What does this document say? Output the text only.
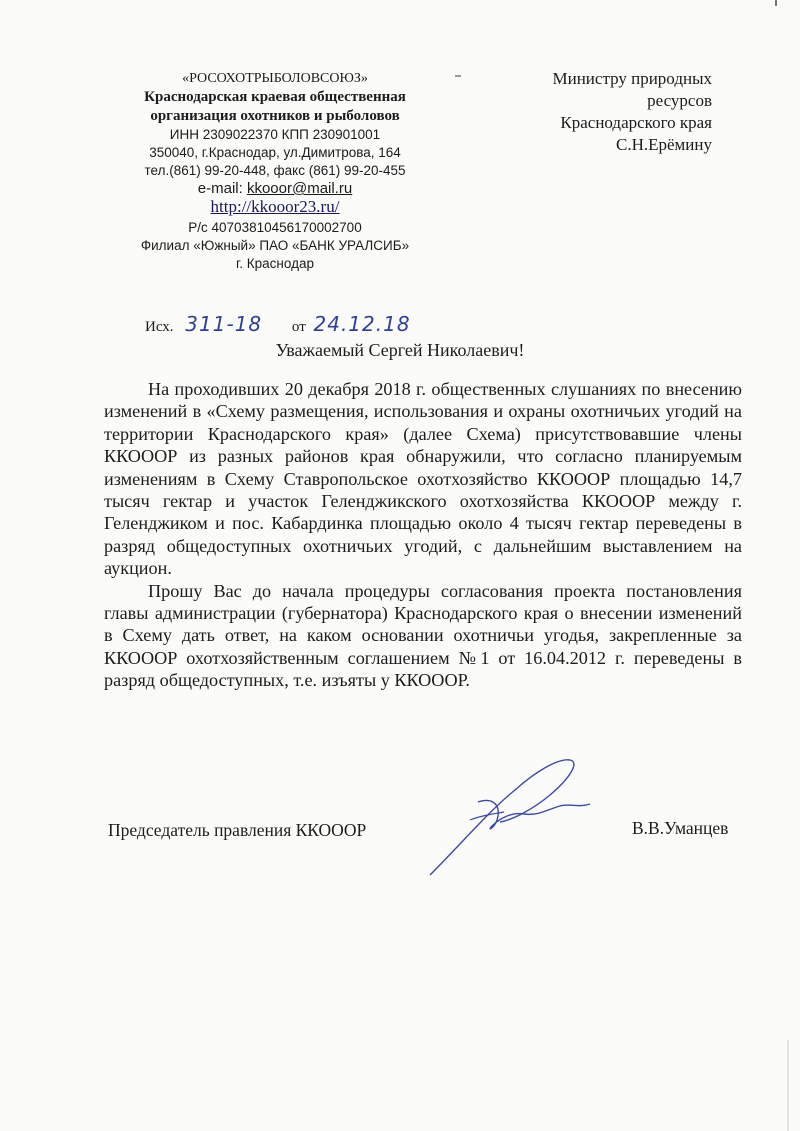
«РОСОХОТРЫБОЛОВСОЮЗ»
Краснодарская краевая общественная
организация охотников и рыболовов
ИНН 2309022370 КПП 230901001
350040, г.Краснодар, ул.Димитрова, 164
тел.(861) 99-20-448, факс (861) 99-20-455
e-mail: kkooor@mail.ru
http://kkooor23.ru/
Р/с 40703810456170002700
Филиал «Южный» ПАО «БАНК УРАЛСИБ»
г. Краснодар
Министру природных
ресурсов
Краснодарского края
С.Н.Ерёмину
Исх. 311-18 от 24.12.18
Уважаемый Сергей Николаевич!

На проходивших 20 декабря 2018 г. общественных слушаниях по внесению изменений в «Схему размещения, использования и охраны охотничьих угодий на территории Краснодарского края» (далее Схема) присутствовавшие члены ККОООР из разных районов края обнаружили, что согласно планируемым изменениям в Схему Ставропольское охотхозяйство ККОООР площадью 14,7 тысяч гектар и участок Геленджикского охотхозяйства ККОООР между г. Геленджиком и пос. Кабардинка площадью около 4 тысяч гектар переведены в разряд общедоступных охотничьих угодий, с дальнейшим выставлением на аукцион.

Прошу Вас до начала процедуры согласования проекта постановления главы администрации (губернатора) Краснодарского края о внесении изменений в Схему дать ответ, на каком основании охотничьи угодья, закрепленные за ККОООР охотхозяйственным соглашением №1 от 16.04.2012 г. переведены в разряд общедоступных, т.е. изъяты у ККОООР.

Председатель правления ККОООР	В.В.Уманцев
